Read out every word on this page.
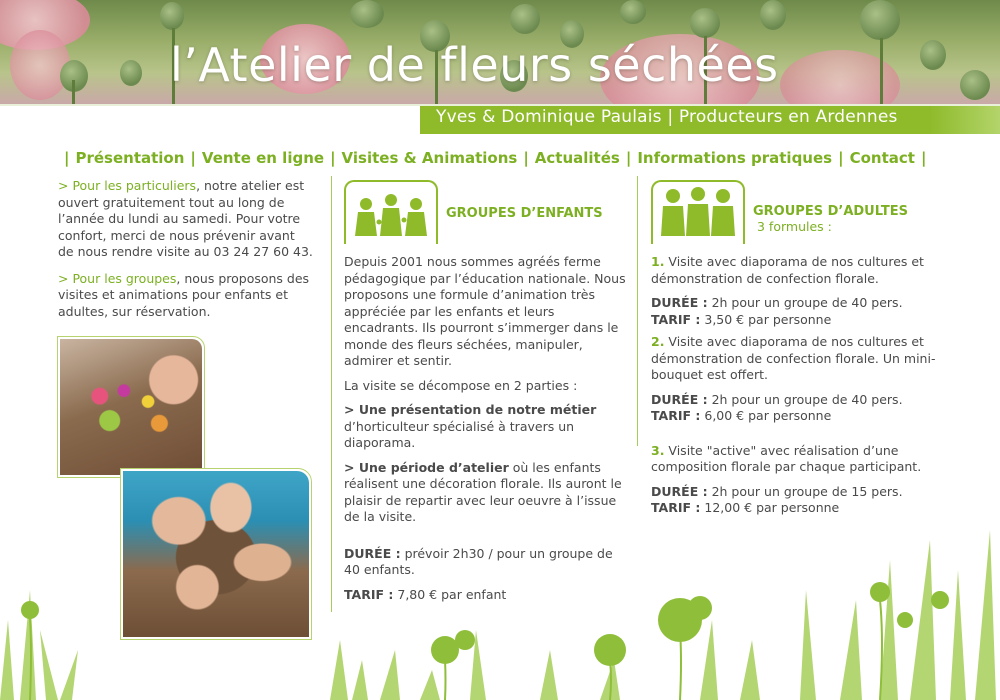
l’Atelier de fleurs séchées
Yves & Dominique Paulais | Producteurs en Ardennes
| Présentation | Vente en ligne | Visites & Animations | Actualités | Informations pratiques | Contact |

> Pour les particuliers, notre atelier est ouvert gratuitement tout au long de l’année du lundi au samedi. Pour votre confort, merci de nous prévenir avant de nous rendre visite au 03 24 27 60 43.

> Pour les groupes, nous proposons des visites et animations pour enfants et adultes, sur réservation.

GROUPES D’ENFANTS

Depuis 2001 nous sommes agréés ferme pédagogique par l’éducation nationale. Nous proposons une formule d’animation très appréciée par les enfants et leurs encadrants. Ils pourront s’immerger dans le monde des fleurs séchées, manipuler, admirer et sentir.

La visite se décompose en 2 parties :

> Une présentation de notre métier d’horticulteur spécialisé à travers un diaporama.

> Une période d’atelier où les enfants réalisent une décoration florale. Ils auront le plaisir de repartir avec leur oeuvre à l’issue de la visite.

DURÉE : prévoir 2h30 / pour un groupe de 40 enfants.

TARIF : 7,80 € par enfant

GROUPES D’ADULTES
3 formules :

1. Visite avec diaporama de nos cultures et démonstration de confection florale.

DURÉE : 2h pour un groupe de 40 pers.
TARIF : 3,50 € par personne

2. Visite avec diaporama de nos cultures et démonstration de confection florale. Un mini-bouquet est offert.

DURÉE : 2h pour un groupe de 40 pers.
TARIF : 6,00 € par personne

3. Visite "active" avec réalisation d’une composition florale par chaque participant.

DURÉE : 2h pour un groupe de 15 pers.
TARIF : 12,00 € par personne
